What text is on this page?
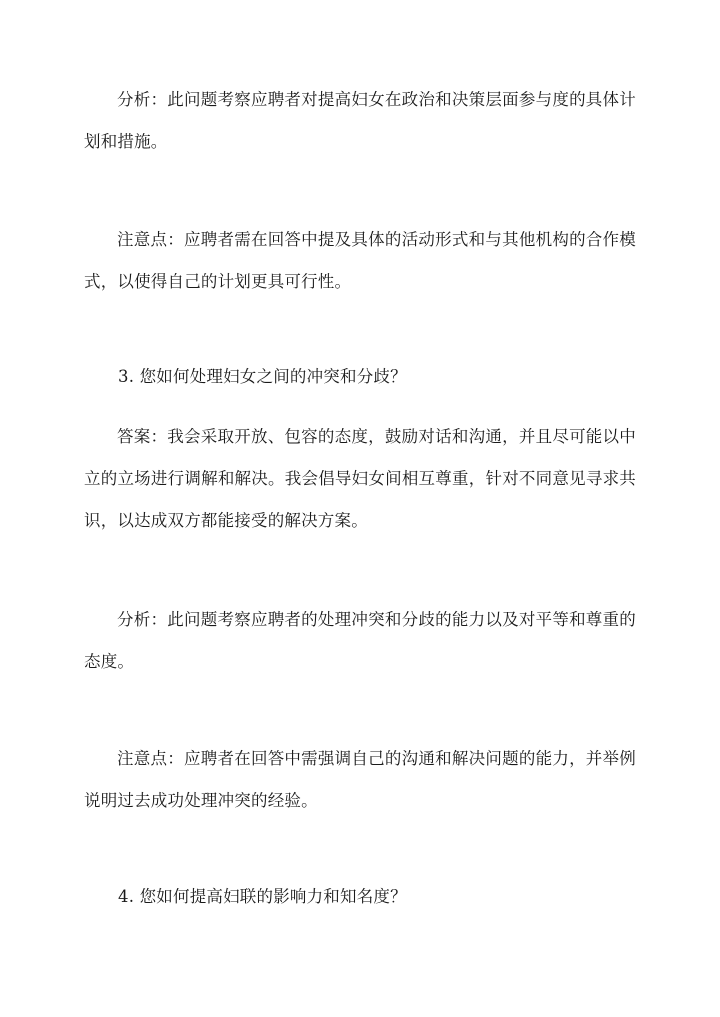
分析：此问题考察应聘者对提高妇女在政治和决策层面参与度的具体计划和措施。

注意点：应聘者需在回答中提及具体的活动形式和与其他机构的合作模式，以使得自己的计划更具可行性。

3. 您如何处理妇女之间的冲突和分歧？

答案：我会采取开放、包容的态度，鼓励对话和沟通，并且尽可能以中立的立场进行调解和解决。我会倡导妇女间相互尊重，针对不同意见寻求共识，以达成双方都能接受的解决方案。

分析：此问题考察应聘者的处理冲突和分歧的能力以及对平等和尊重的态度。

注意点：应聘者在回答中需强调自己的沟通和解决问题的能力，并举例说明过去成功处理冲突的经验。

4. 您如何提高妇联的影响力和知名度？
